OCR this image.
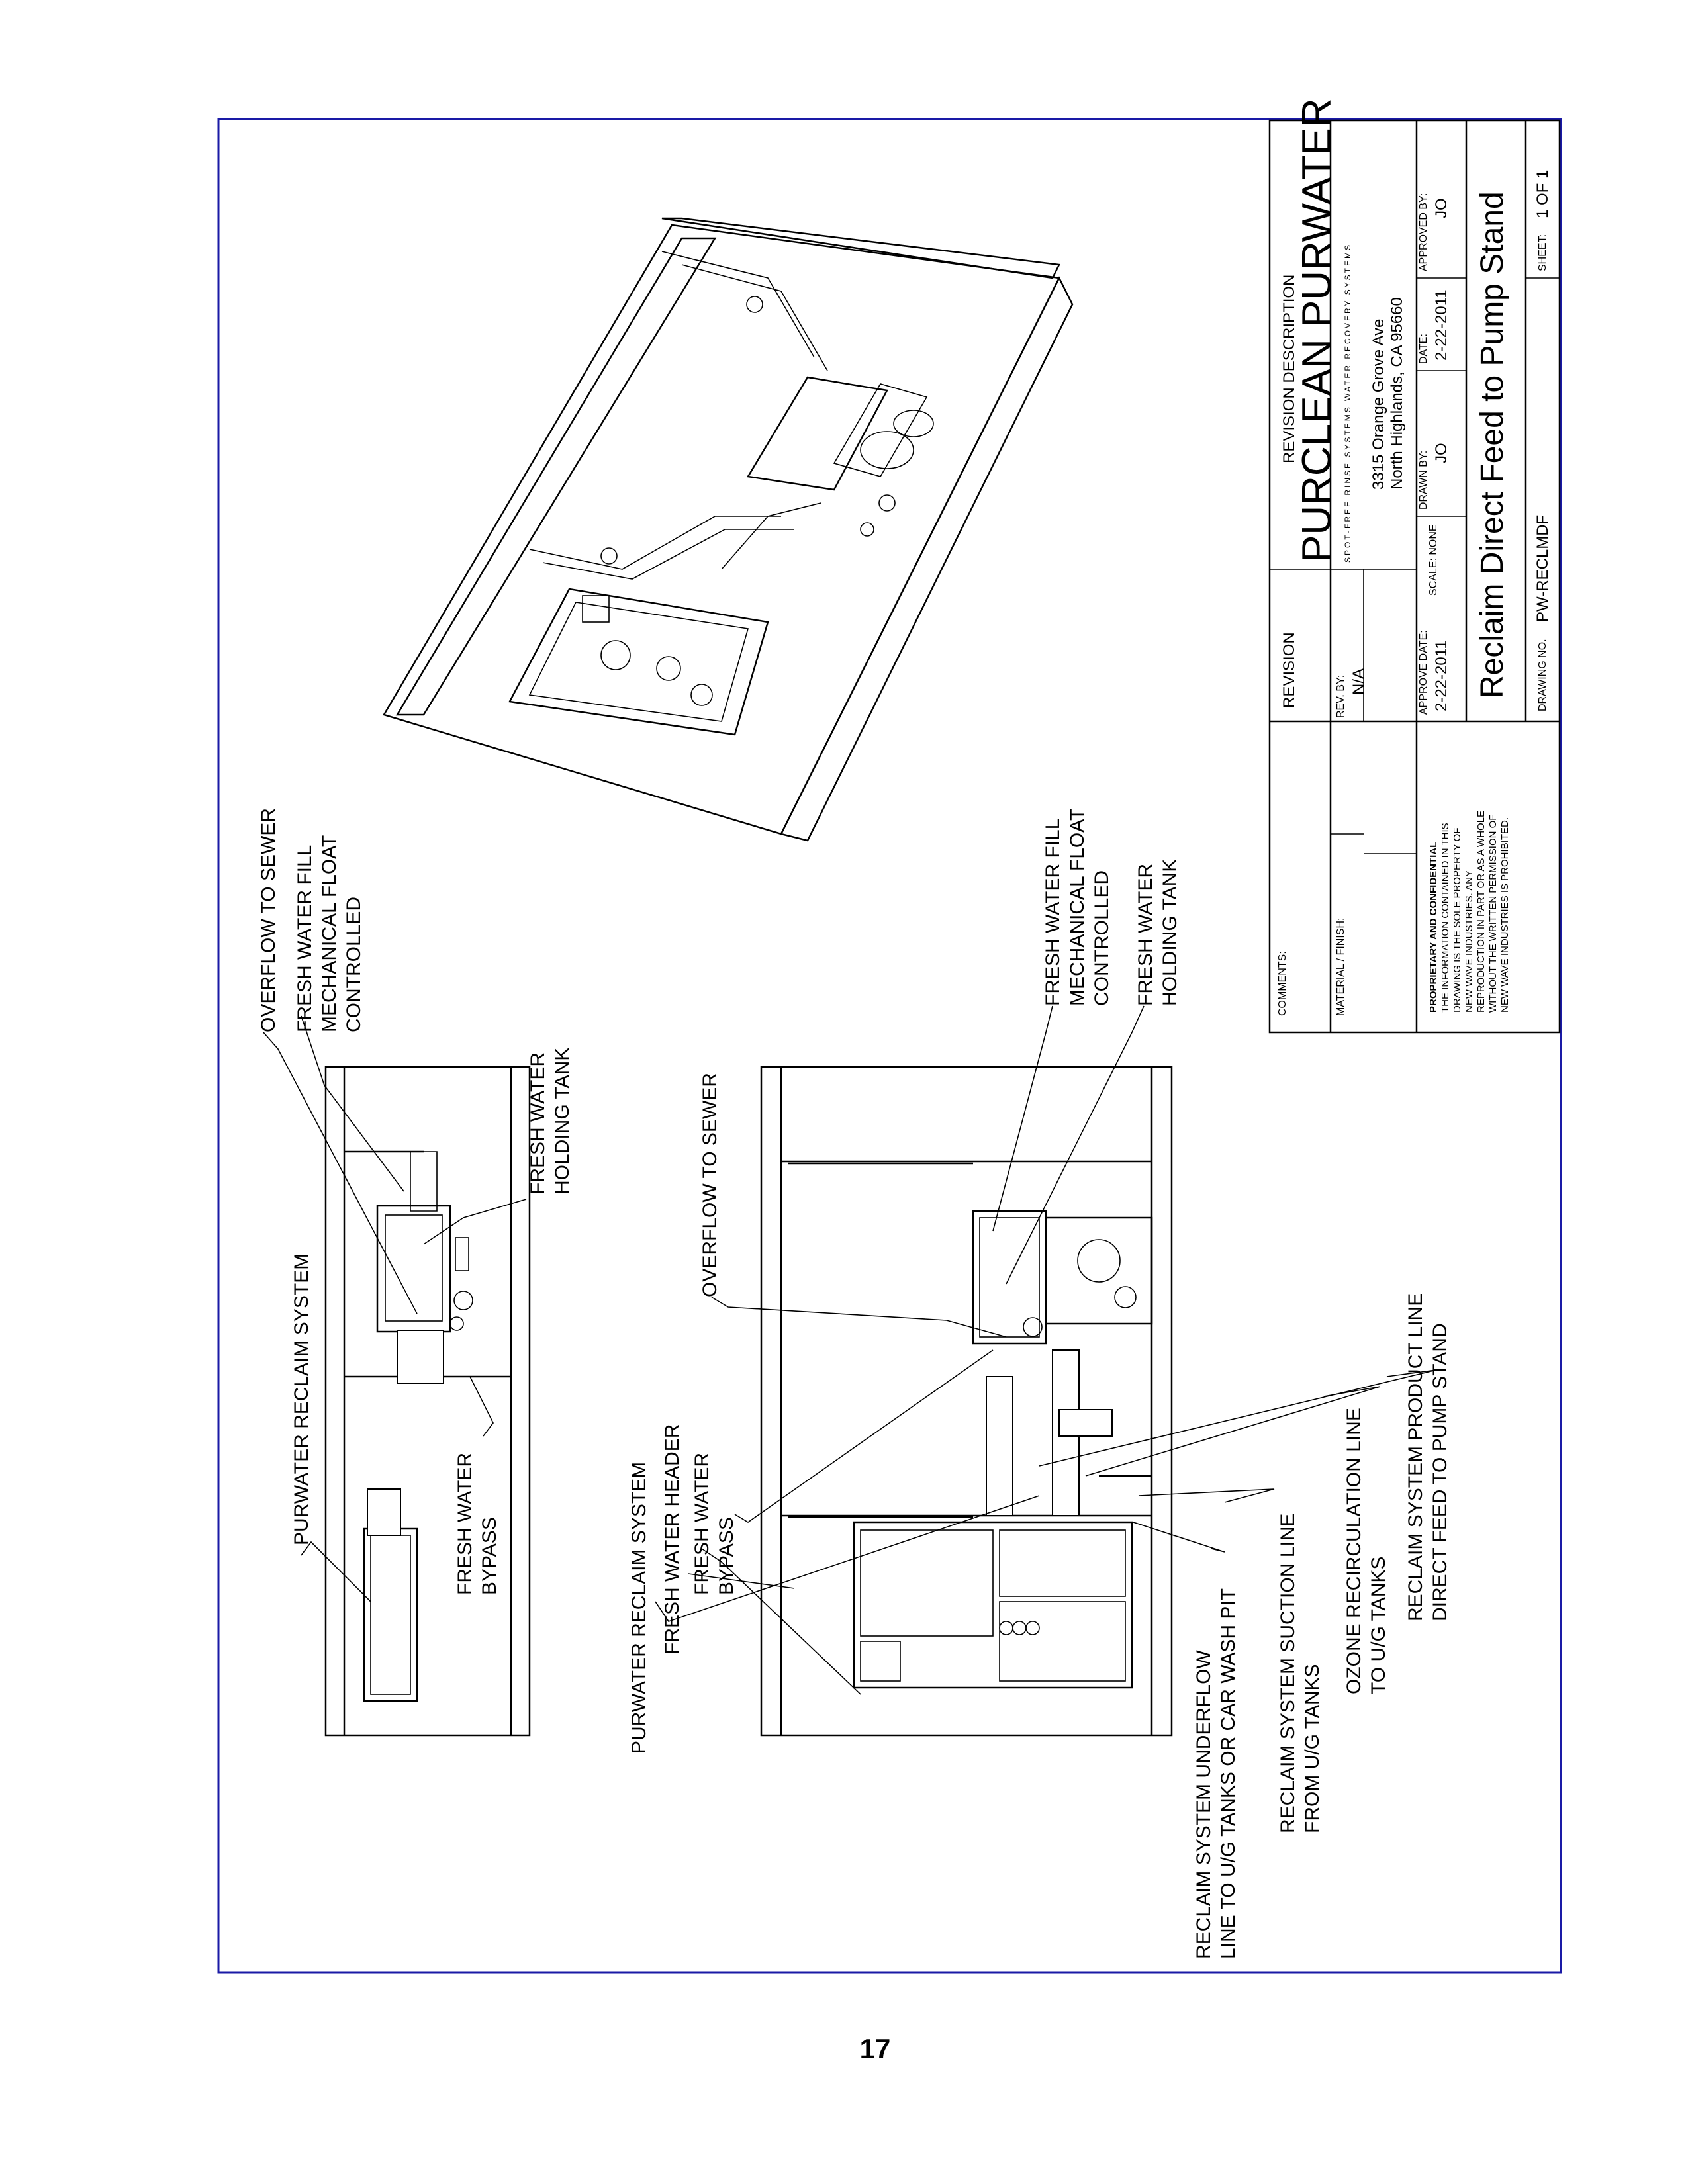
OVERFLOW TO SEWER FRESH WATER FILL MECHANICAL FLOAT CONTROLLED
FRESH WATER HOLDING TANK
PURWATER RECLAIM SYSTEM	FRESH WATER BYPASS
OVERFLOW TO SEWER
FRESH WATER FILL MECHANICAL FLOAT CONTROLLED FRESH WATER HOLDING TANK
PURWATER RECLAIM SYSTEM FRESH WATER HEADER FRESH WATER BYPASS
RECLAIM SYSTEM UNDERFLOW LINE TO U/G TANKS OR CAR WASH PIT RECLAIM SYSTEM SUCTION LINE FROM U/G TANKS
OZONE RECIRCULATION LINE TO U/G TANKS
RECLAIM SYSTEM PRODUCT LINE DIRECT FEED TO PUMP STAND
COMMENTS:
REVISION
REVISION DESCRIPTION
REV. BY: N/A
MATERIAL / FINISH:
PURCLEAN PURWATER SPOT-FREE RINSE SYSTEMS WATER RECOVERY SYSTEMS 3315 Orange Grove Ave North Highlands, CA 95660
PROPRIETARY AND CONFIDENTIAL THE INFORMATION CONTAINED IN THIS DRAWING IS THE SOLE PROPERTY OF NEW WAVE INDUSTRIES. ANY REPRODUCTION IN PART OR AS A WHOLE WITHOUT THE WRITTEN PERMISSION OF NEW WAVE INDUSTRIES IS PROHIBITED.
APPROVE DATE: 2-22-2011
SCALE: NONE
DRAWN BY: JO
DATE: 2-22-2011
APPROVED BY: JO Reclaim Direct Feed to Pump Stand	DRAWING NO.
PW-RECLMDF
SHEET:
1 OF 1
17
